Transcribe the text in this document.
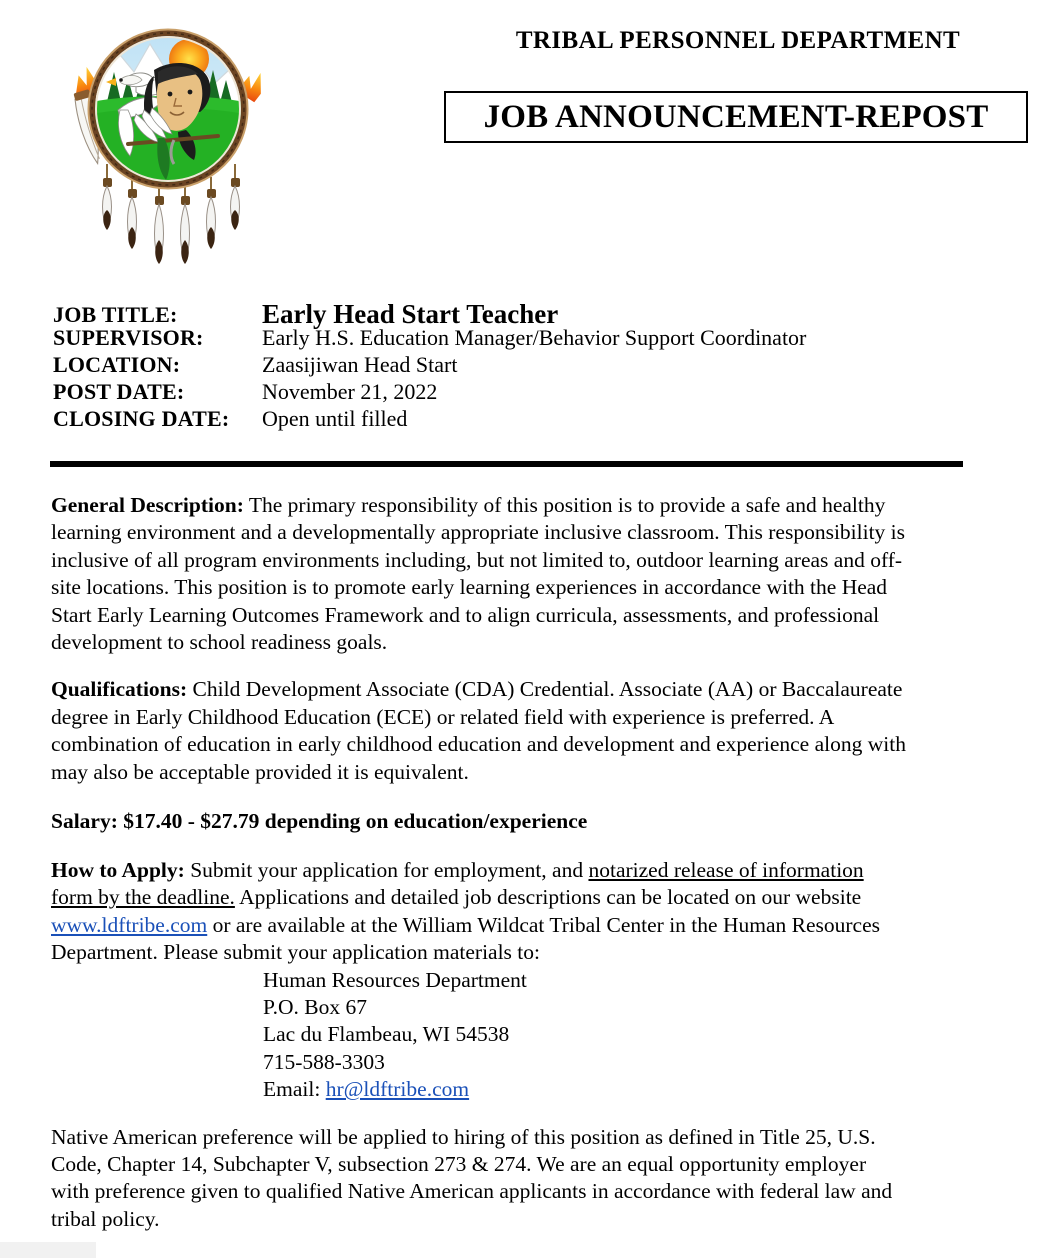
TRIBAL PERSONNEL DEPARTMENT
JOB ANNOUNCEMENT-REPOST
JOB TITLE:	Early Head Start Teacher
SUPERVISOR:	Early H.S. Education Manager/Behavior Support Coordinator
LOCATION:	Zaasijiwan Head Start
POST DATE:	November 21, 2022
CLOSING DATE:	Open until filled

General Description: The primary responsibility of this position is to provide a safe and healthy learning environment and a developmentally appropriate inclusive classroom. This responsibility is inclusive of all program environments including, but not limited to, outdoor learning areas and off-site locations. This position is to promote early learning experiences in accordance with the Head Start Early Learning Outcomes Framework and to align curricula, assessments, and professional development to school readiness goals.

Qualifications: Child Development Associate (CDA) Credential. Associate (AA) or Baccalaureate degree in Early Childhood Education (ECE) or related field with experience is preferred. A combination of education in early childhood education and development and experience along with may also be acceptable provided it is equivalent.

Salary: $17.40 - $27.79 depending on education/experience

How to Apply: Submit your application for employment, and notarized release of information form by the deadline. Applications and detailed job descriptions can be located on our website www.ldftribe.com or are available at the William Wildcat Tribal Center in the Human Resources Department. Please submit your application materials to:

Human Resources Department
P.O. Box 67
Lac du Flambeau, WI 54538
715-588-3303
Email: hr@ldftribe.com

Native American preference will be applied to hiring of this position as defined in Title 25, U.S. Code, Chapter 14, Subchapter V, subsection 273 & 274. We are an equal opportunity employer with preference given to qualified Native American applicants in accordance with federal law and tribal policy.
